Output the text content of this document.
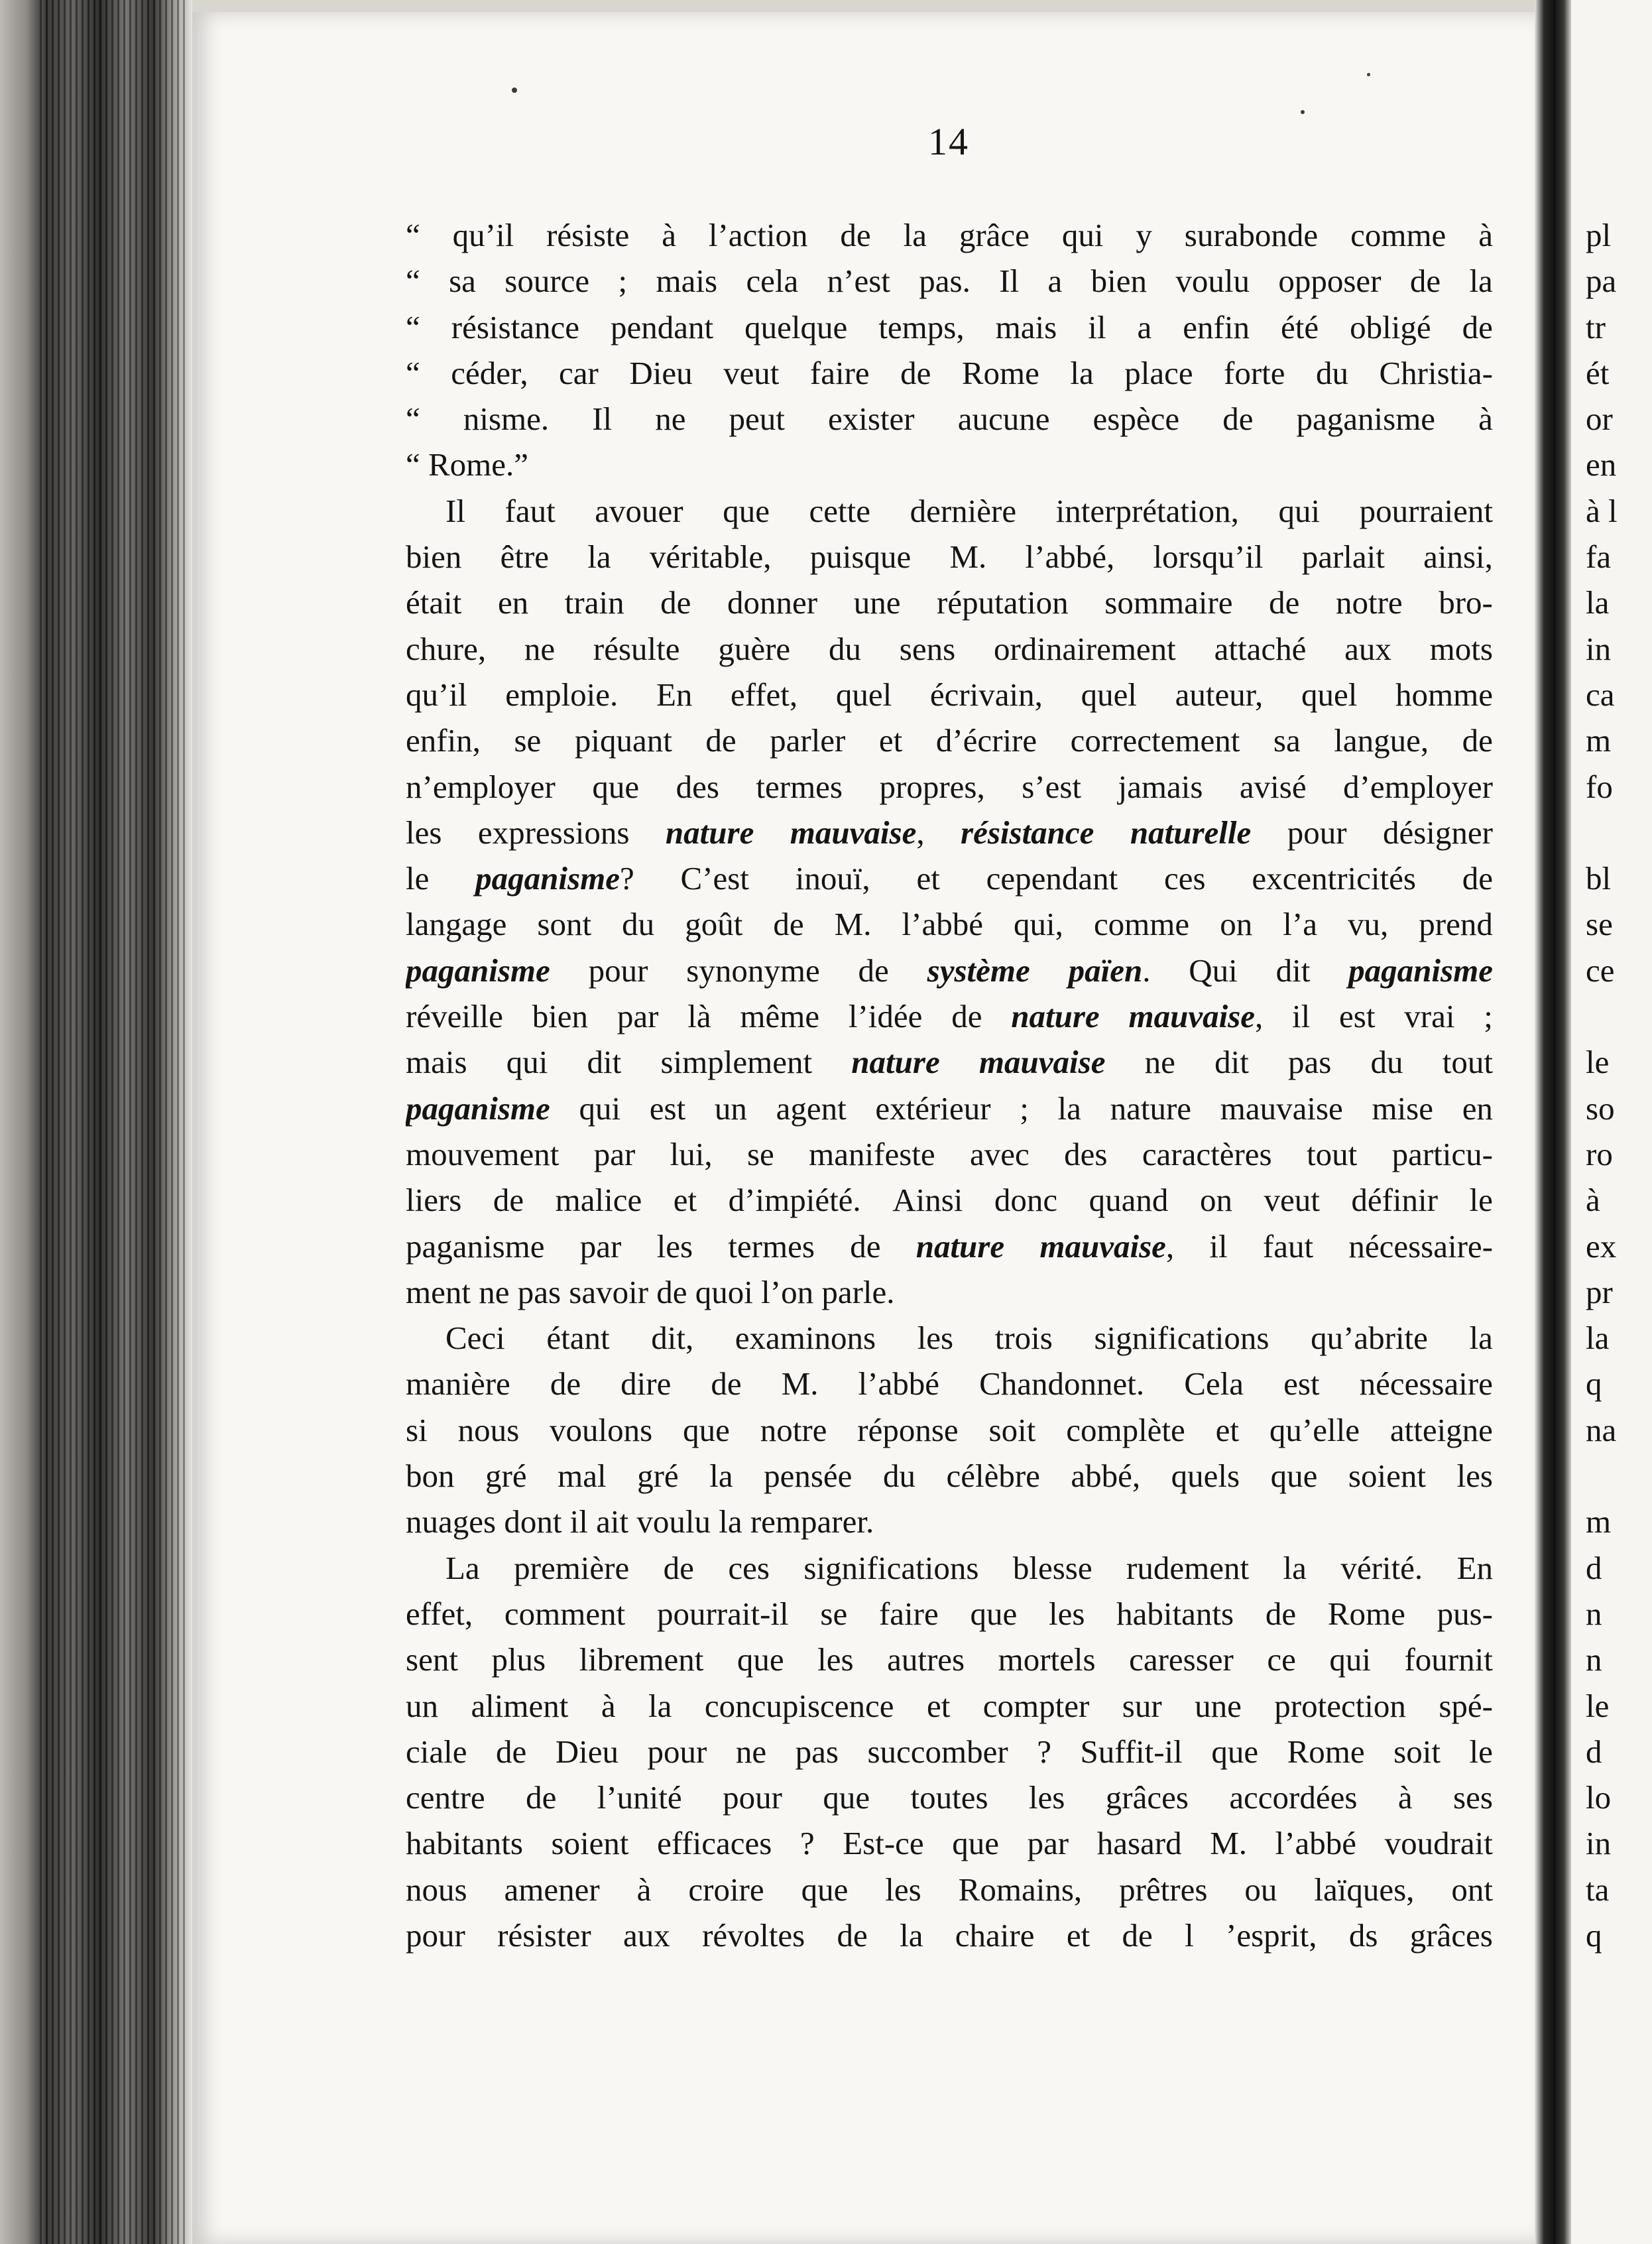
14
“ qu’il résiste à l’action de la grâce qui y surabonde comme à
“ sa source ; mais cela n’est pas. Il a bien voulu opposer de la
“ résistance pendant quelque temps, mais il a enfin été obligé de
“ céder, car Dieu veut faire de Rome la place forte du Christia-
“ nisme. Il ne peut exister aucune espèce de paganisme à
“ Rome.”
Il faut avouer que cette dernière interprétation, qui pourraient
bien être la véritable, puisque M. l’abbé, lorsqu’il parlait ainsi,
était en train de donner une réputation sommaire de notre bro-
chure, ne résulte guère du sens ordinairement attaché aux mots
qu’il emploie. En effet, quel écrivain, quel auteur, quel homme
enfin, se piquant de parler et d’écrire correctement sa langue, de
n’employer que des termes propres, s’est jamais avisé d’employer
les expressions nature mauvaise, résistance naturelle pour désigner
le paganisme? C’est inouï, et cependant ces excentricités de
langage sont du goût de M. l’abbé qui, comme on l’a vu, prend
paganisme pour synonyme de système païen. Qui dit paganisme
réveille bien par là même l’idée de nature mauvaise, il est vrai ;
mais qui dit simplement nature mauvaise ne dit pas du tout
paganisme qui est un agent extérieur ; la nature mauvaise mise en
mouvement par lui, se manifeste avec des caractères tout particu-
liers de malice et d’impiété. Ainsi donc quand on veut définir le
paganisme par les termes de nature mauvaise, il faut nécessaire-
ment ne pas savoir de quoi l’on parle.
Ceci étant dit, examinons les trois significations qu’abrite la
manière de dire de M. l’abbé Chandonnet. Cela est nécessaire
si nous voulons que notre réponse soit complète et qu’elle atteigne
bon gré mal gré la pensée du célèbre abbé, quels que soient les
nuages dont il ait voulu la remparer.
La première de ces significations blesse rudement la vérité. En
effet, comment pourrait-il se faire que les habitants de Rome pus-
sent plus librement que les autres mortels caresser ce qui fournit
un aliment à la concupiscence et compter sur une protection spé-
ciale de Dieu pour ne pas succomber ? Suffit-il que Rome soit le
centre de l’unité pour que toutes les grâces accordées à ses
habitants soient efficaces ? Est-ce que par hasard M. l’abbé voudrait
nous amener à croire que les Romains, prêtres ou laïques, ont
pour résister aux révoltes de la chaire et de l ’esprit, ds grâces
pl
pa
tr
ét
or
en
à l
fa
la
in
ca
m
fo
bl
se
ce
le
so
ro
à
ex
pr
la
q
na
m
d
n
n
le
d
lo
in
ta
q
